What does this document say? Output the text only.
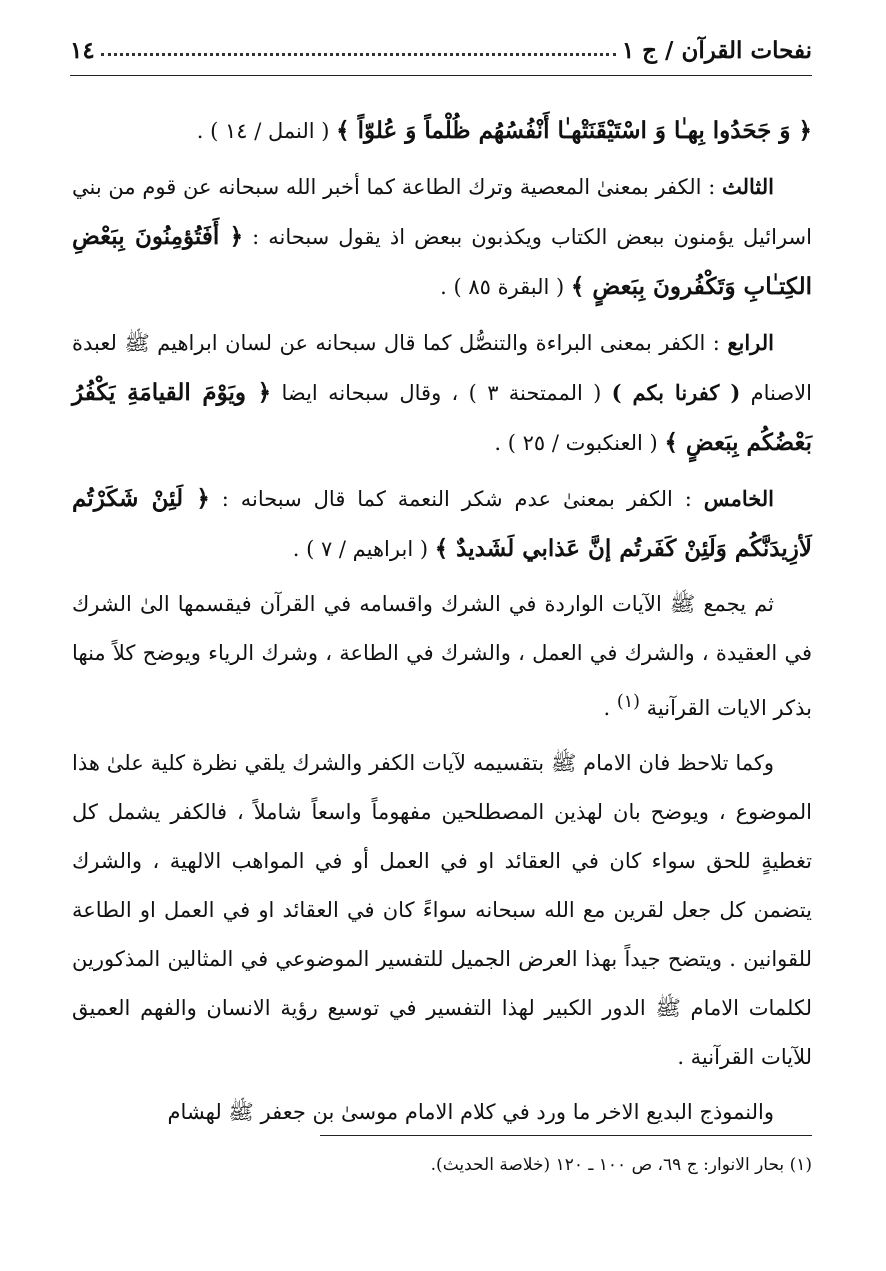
١٤	نفحات القرآن / ج ١

﴿ وَ جَحَدُوا بِهـٰا وَ اسْتَيْقَنَتْهـٰا أَنْفُسُهُم ظُلْماً وَ عُلوّاً ﴾ ( النمل / ١٤ ) .

الثالث : الكفر بمعنىٰ المعصية وترك الطاعة كما أخبر الله سبحانه عن قوم من بني اسرائيل يؤمنون ببعض الكتاب ويكذبون ببعض اذ يقول سبحانه : ﴿ أَفَتُؤمِنُونَ بِبَعْضِ الكِتـٰابِ وَتَكْفُرونَ بِبَعضٍ ﴾ ( البقرة ٨٥ ) .

الرابع : الكفر بمعنى البراءة والتنصُّل كما قال سبحانه عن لسان ابراهيم ﷺ لعبدة الاصنام ( كفرنا بكم ) ( الممتحنة ٣ ) ، وقال سبحانه ايضا ﴿ ويَوْمَ القيامَةِ يَكْفُرُ بَعْضُكُم بِبَعضٍ ﴾ ( العنكبوت / ٢٥ ) .

الخامس : الكفر بمعنىٰ عدم شكر النعمة كما قال سبحانه : ﴿ لَئِنْ شَكَرْتُم لَأزِيدَنَّكُم وَلَئِنْ كَفَرتُم إنَّ عَذابي لَشَديدٌ ﴾ ( ابراهيم / ٧ ) .

ثم يجمع ﷺ الآيات الواردة في الشرك واقسامه في القرآن فيقسمها الىٰ الشرك في العقيدة ، والشرك في العمل ، والشرك في الطاعة ، وشرك الرياء ويوضح كلاً منها بذكر الايات القرآنية $^{(١)}$ .

وكما تلاحظ فان الامام ﷺ بتقسيمه لآيات الكفر والشرك يلقي نظرة كلية علىٰ هذا الموضوع ، ويوضح بان لهذين المصطلحين مفهوماً واسعاً شاملاً ، فالكفر يشمل كل تغطيةٍ للحق سواء كان في العقائد او في العمل أو في المواهب الالهية ، والشرك يتضمن كل جعل لقرين مع الله سبحانه سواءً كان في العقائد او في العمل او الطاعة للقوانين . ويتضح جيداً بهذا العرض الجميل للتفسير الموضوعي في المثالين المذكورين لكلمات الامام ﷺ الدور الكبير لهذا التفسير في توسيع رؤية الانسان والفهم العميق للآيات القرآنية .

والنموذج البديع الاخر ما ورد في كلام الامام موسىٰ بن جعفر ﷺ لهشام

(١) بحار الانوار: ج ٦٩، ص ١٠٠ ـ ١٢٠ (خلاصة الحديث).
